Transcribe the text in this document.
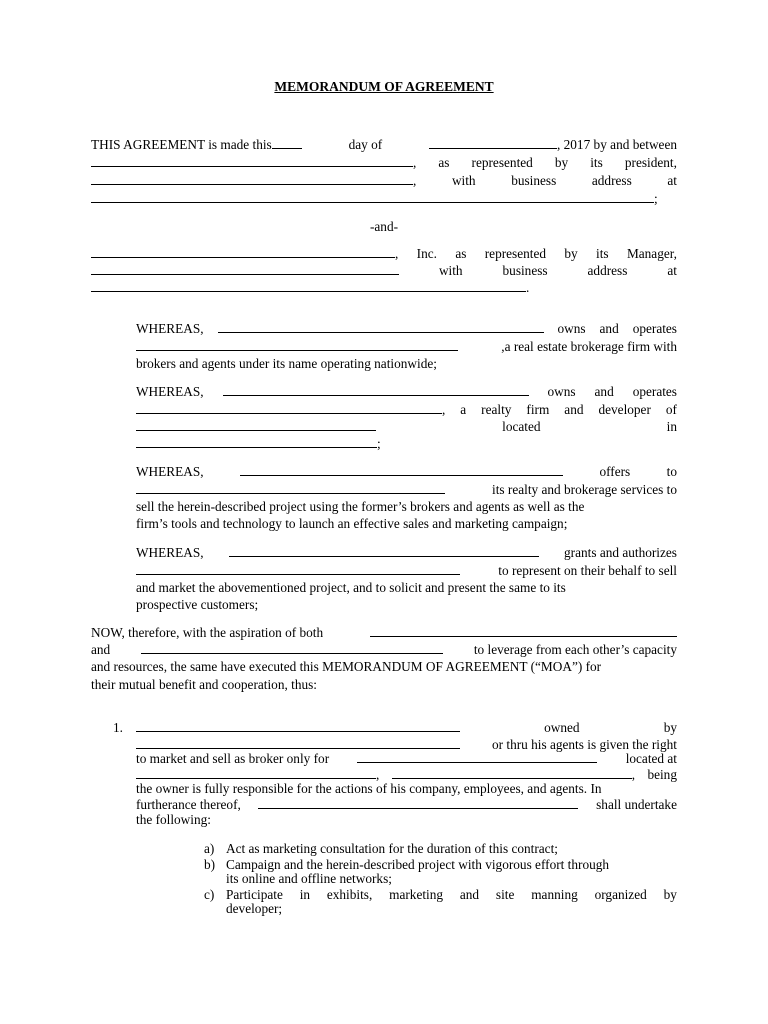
MEMORANDUM OF AGREEMENT
THIS AGREEMENT is made this	day of	, 2017 by and between
, as represented by its president,
,	with	business	address	at
;
-and-
, Inc. as represented by its Manager,
with	business	address	at
.
WHEREAS,	owns and operates
,a real estate brokerage firm with
brokers and agents under its name operating nationwide;
WHEREAS,	owns and operates
, a realty firm and developer of
located	in
;
WHEREAS,	offers	to
its realty and brokerage services to
sell the herein-described project using the former’s brokers and agents as well as the
firm’s tools and technology to launch an effective sales and marketing campaign;
WHEREAS,	grants and authorizes
to represent on their behalf to sell
and market the abovementioned project, and to solicit and present the same to its
prospective customers;
NOW, therefore, with the aspiration of both
and	to leverage from each other’s capacity
and resources, the same have executed this MEMORANDUM OF AGREEMENT (“MOA”) for
their mutual benefit and cooperation, thus:
1.	owned	by
or thru his agents is given the right
to market and sell as broker only for	located at
,	, being
the owner is fully responsible for the actions of his company, employees, and agents. In
furtherance thereof,	shall undertake
the following:
a) Act as marketing consultation for the duration of this contract;
b) Campaign and the herein-described project with vigorous effort through
its online and offline networks;
c) Participate in exhibits, marketing and site manning organized by
developer;
